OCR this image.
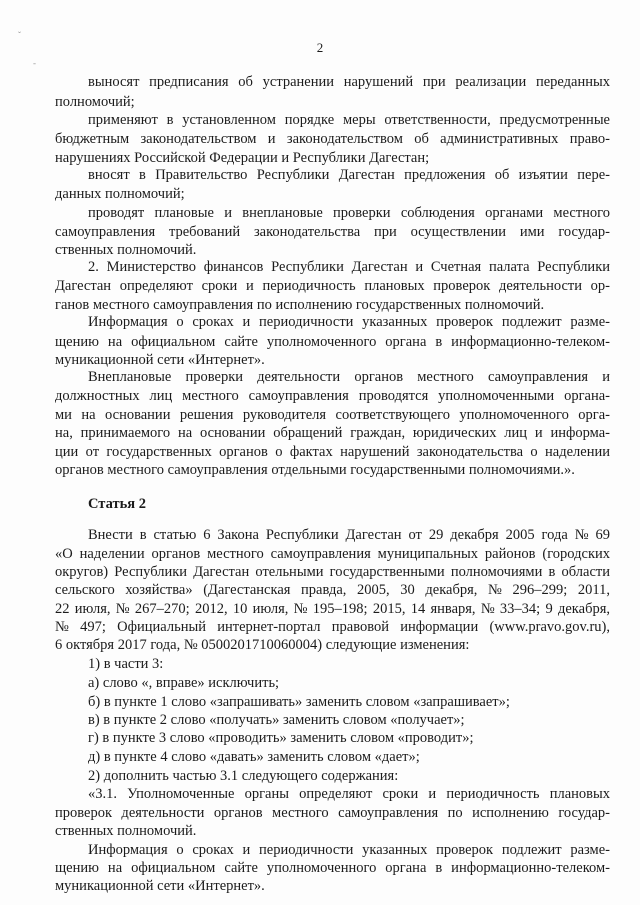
ˇ
-
2
выносят предписания об устранении нарушений при реализации переданных
полномочий;
применяют в установленном порядке меры ответственности, предусмотренные
бюджетным законодательством и законодательством об административных право-
нарушениях Российской Федерации и Республики Дагестан;
вносят в Правительство Республики Дагестан предложения об изъятии пере-
данных полномочий;
проводят плановые и внеплановые проверки соблюдения органами местного
самоуправления требований законодательства при осуществлении ими государ-
ственных полномочий.
2. Министерство финансов Республики Дагестан и Счетная палата Республики
Дагестан определяют сроки и периодичность плановых проверок деятельности ор-
ганов местного самоуправления по исполнению государственных полномочий.
Информация о сроках и периодичности указанных проверок подлежит разме-
щению на официальном сайте уполномоченного органа в информационно-телеком-
муникационной сети «Интернет».
Внеплановые проверки деятельности органов местного самоуправления и
должностных лиц местного самоуправления проводятся уполномоченными органа-
ми на основании решения руководителя соответствующего уполномоченного орга-
на, принимаемого на основании обращений граждан, юридических лиц и информа-
ции от государственных органов о фактах нарушений законодательства о наделении
органов местного самоуправления отдельными государственными полномочиями.».
Статья 2
Внести в статью 6 Закона Республики Дагестан от 29 декабря 2005 года № 69
«О наделении органов местного самоуправления муниципальных районов (городских
округов) Республики Дагестан отельными государственными полномочиями в области
сельского хозяйства» (Дагестанская правда, 2005, 30 декабря, № 296–299; 2011,
22 июля, № 267–270; 2012, 10 июля, № 195–198; 2015, 14 января, № 33–34; 9 декабря,
№ 497; Официальный интернет-портал правовой информации (www.pravo.gov.ru),
6 октября 2017 года, № 0500201710060004) следующие изменения:
1) в части 3:
а) слово «, вправе» исключить;
б) в пункте 1 слово «запрашивать» заменить словом «запрашивает»;
в) в пункте 2 слово «получать» заменить словом «получает»;
г) в пункте 3 слово «проводить» заменить словом «проводит»;
д) в пункте 4 слово «давать» заменить словом «дает»;
2) дополнить частью 3.1 следующего содержания:
«3.1. Уполномоченные органы определяют сроки и периодичность плановых
проверок деятельности органов местного самоуправления по исполнению государ-
ственных полномочий.
Информация о сроках и периодичности указанных проверок подлежит разме-
щению на официальном сайте уполномоченного органа в информационно-телеком-
муникационной сети «Интернет».
